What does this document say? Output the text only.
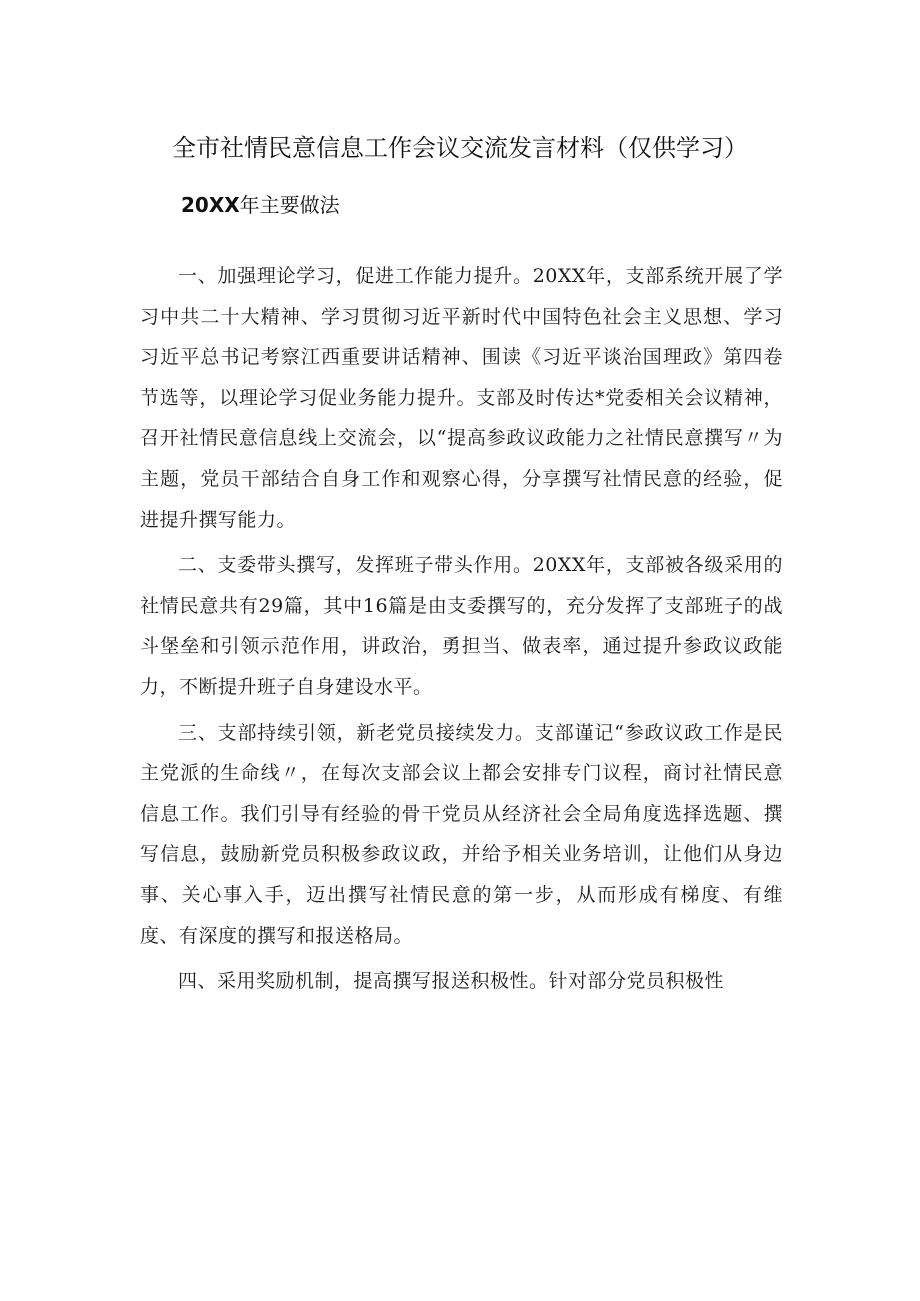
全市社情民意信息工作会议交流发言材料（仅供学习）
20XX年主要做法

一、加强理论学习，促进工作能力提升。20XX年，支部系统开展了学习中共二十大精神、学习贯彻习近平新时代中国特色社会主义思想、学习习近平总书记考察江西重要讲话精神、围读《习近平谈治国理政》第四卷节选等，以理论学习促业务能力提升。支部及时传达*党委相关会议精神，召开社情民意信息线上交流会，以“提高参政议政能力之社情民意撰写〃为主题，党员干部结合自身工作和观察心得，分享撰写社情民意的经验，促进提升撰写能力。

二、支委带头撰写，发挥班子带头作用。20XX年，支部被各级采用的社情民意共有29篇，其中16篇是由支委撰写的，充分发挥了支部班子的战斗堡垒和引领示范作用，讲政治，勇担当、做表率，通过提升参政议政能力，不断提升班子自身建设水平。

三、支部持续引领，新老党员接续发力。支部谨记“参政议政工作是民主党派的生命线〃，在每次支部会议上都会安排专门议程，商讨社情民意信息工作。我们引导有经验的骨干党员从经济社会全局角度选择选题、撰写信息，鼓励新党员积极参政议政，并给予相关业务培训，让他们从身边事、关心事入手，迈出撰写社情民意的第一步，从而形成有梯度、有维度、有深度的撰写和报送格局。

四、采用奖励机制，提高撰写报送积极性。针对部分党员积极性
